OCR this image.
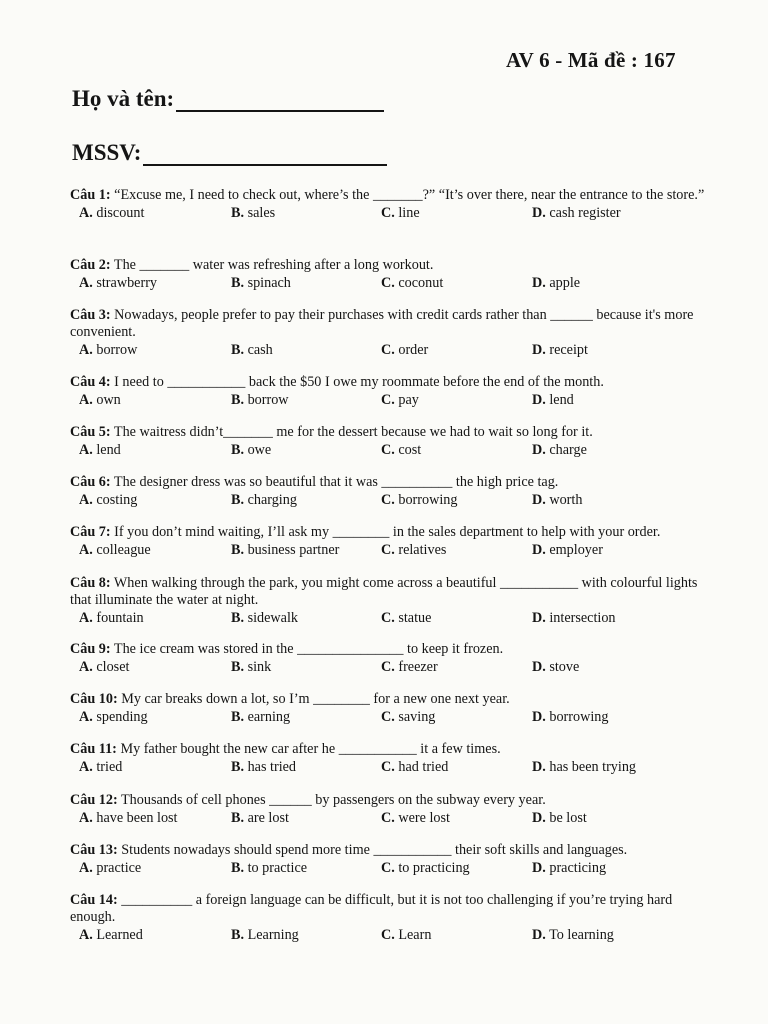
AV 6 - Mã đề : 167
Họ và tên:
MSSV:

Câu 1: “Excuse me, I need to check out, where’s the _______?” “It’s over there, near the entrance to the store.”

A. discount	B. sales	C. line	D. cash register

Câu 2: The _______ water was refreshing after a long workout.

A. strawberry	B. spinach	C. coconut	D. apple

Câu 3: Nowadays, people prefer to pay their purchases with credit cards rather than ______ because it's more convenient.

A. borrow	B. cash	C. order	D. receipt

Câu 4: I need to ___________ back the $50 I owe my roommate before the end of the month.

A. own	B. borrow	C. pay	D. lend

Câu 5: The waitress didn’t_______ me for the dessert because we had to wait so long for it.

A. lend	B. owe	C. cost	D. charge

Câu 6: The designer dress was so beautiful that it was __________ the high price tag.

A. costing	B. charging	C. borrowing	D. worth

Câu 7: If you don’t mind waiting, I’ll ask my ________ in the sales department to help with your order.

A. colleague	B. business partner	C. relatives	D. employer

Câu 8: When walking through the park, you might come across a beautiful ___________ with colourful lights that illuminate the water at night.

A. fountain	B. sidewalk	C. statue	D. intersection

Câu 9: The ice cream was stored in the _______________ to keep it frozen.

A. closet	B. sink	C. freezer	D. stove

Câu 10: My car breaks down a lot, so I’m ________ for a new one next year.

A. spending	B. earning	C. saving	D. borrowing

Câu 11: My father bought the new car after he ___________ it a few times.

A. tried	B. has tried	C. had tried	D. has been trying

Câu 12: Thousands of cell phones ______ by passengers on the subway every year.

A. have been lost	B. are lost	C. were lost	D. be lost

Câu 13: Students nowadays should spend more time ___________ their soft skills and languages.

A. practice	B. to practice	C. to practicing	D. practicing

Câu 14: __________ a foreign language can be difficult, but it is not too challenging if you’re trying hard enough.

A. Learned	B. Learning	C. Learn	D. To learning
